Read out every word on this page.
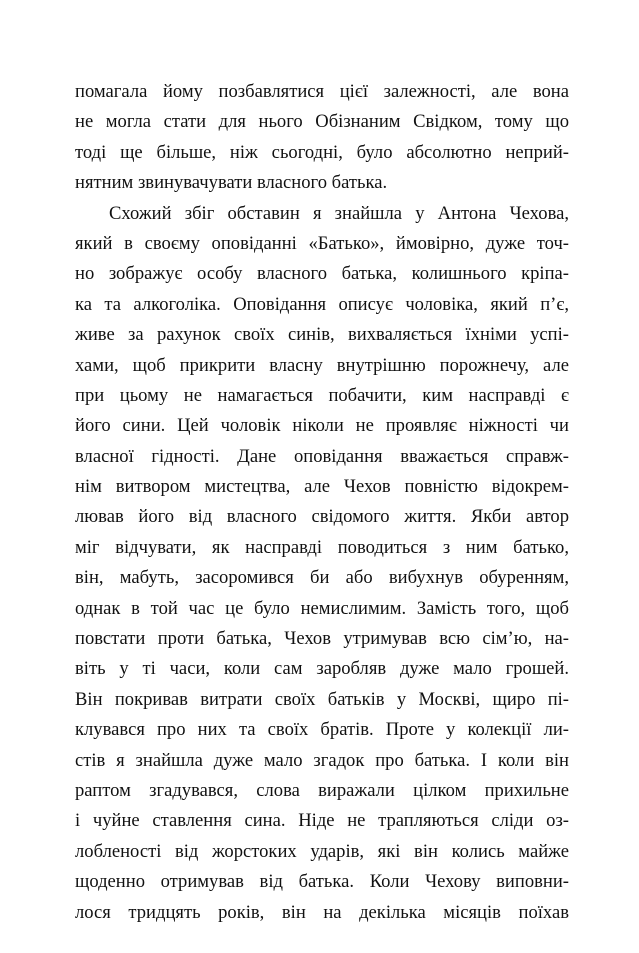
помагала йому позбавлятися цієї залежності, але вона
не могла стати для нього Обізнаним Свідком, тому що
тоді ще більше, ніж сьогодні, було абсолютно неприй-
нятним звинувачувати власного батька.
Схожий збіг обставин я знайшла у Антона Чехова,
який в своєму оповіданні «Батько», ймовірно, дуже точ-
но зображує особу власного батька, колишнього кріпа-
ка та алкоголіка. Оповідання описує чоловіка, який п’є,
живе за рахунок своїх синів, вихваляється їхніми успі-
хами, щоб прикрити власну внутрішню порожнечу, але
при цьому не намагається побачити, ким насправді є
його сини. Цей чоловік ніколи не проявляє ніжності чи
власної гідності. Дане оповідання вважається справж-
нім витвором мистецтва, але Чехов повністю відокрем-
лював його від власного свідомого життя. Якби автор
міг відчувати, як насправді поводиться з ним батько,
він, мабуть, засоромився би або вибухнув обуренням,
однак в той час це було немислимим. Замість того, щоб
повстати проти батька, Чехов утримував всю сім’ю, на-
віть у ті часи, коли сам заробляв дуже мало грошей.
Він покривав витрати своїх батьків у Москві, щиро пі-
клувався про них та своїх братів. Проте у колекції ли-
стів я знайшла дуже мало згадок про батька. І коли він
раптом згадувався, слова виражали цілком прихильне
і чуйне ставлення сина. Ніде не трапляються сліди оз-
лобленості від жорстоких ударів, які він колись майже
щоденно отримував від батька. Коли Чехову виповни-
лося тридцять років, він на декілька місяців поїхав
